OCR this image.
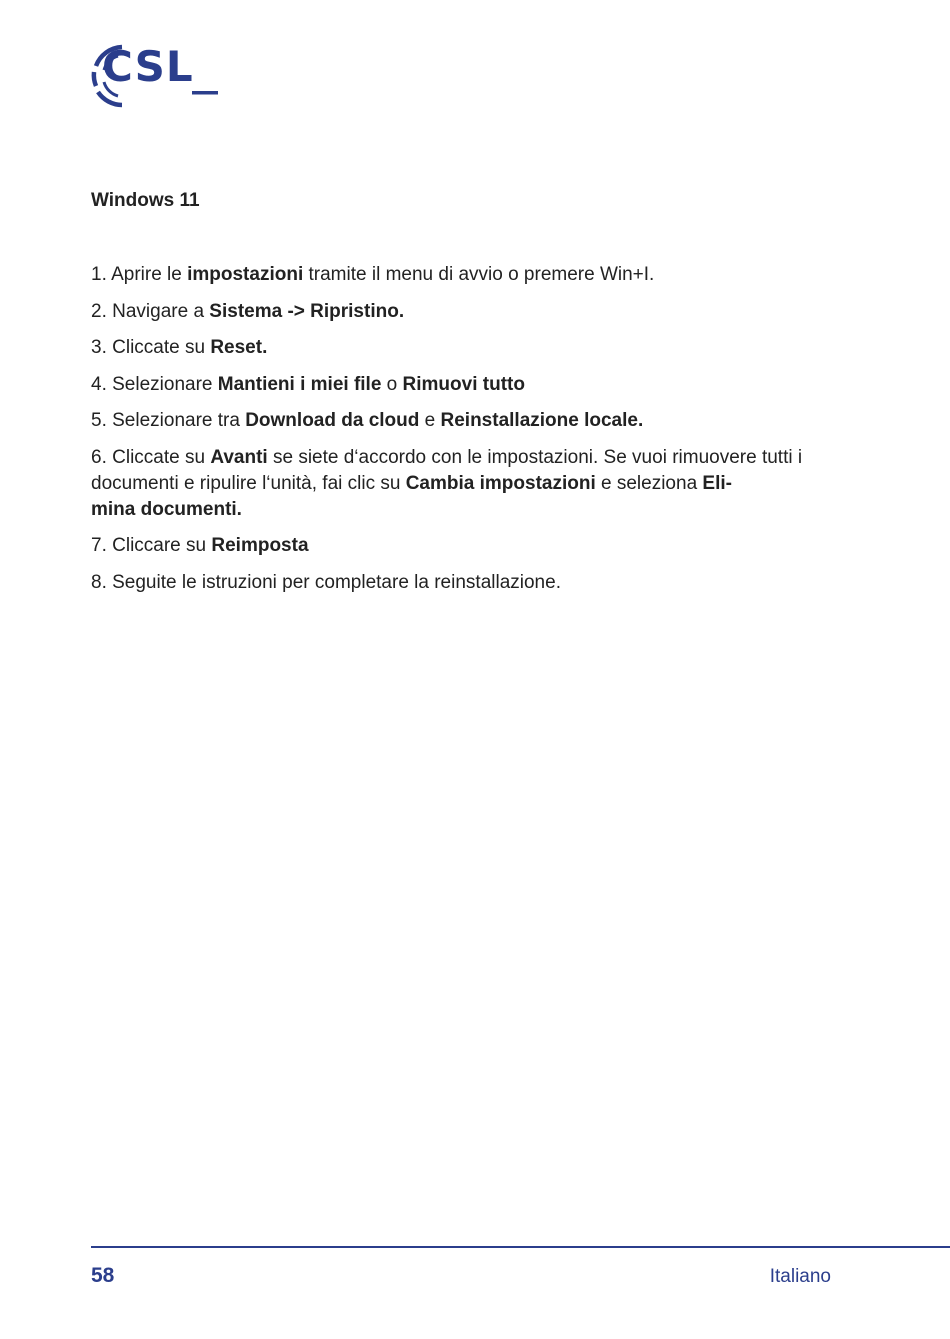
CSL
Windows 11
1. Aprire le impostazioni tramite il menu di avvio o premere Win+I.
2. Navigare a Sistema -> Ripristino.
3. Cliccate su Reset.
4. Selezionare Mantieni i miei file o Rimuovi tutto
5. Selezionare tra Download da cloud e Reinstallazione locale.
6. Cliccate su Avanti se siete d‘accordo con le impostazioni. Se vuoi rimuovere tutti i documenti e ripulire l‘unità, fai clic su Cambia impostazioni e seleziona Eli-
mina documenti.
7. Cliccare su Reimposta
8. Seguite le istruzioni per completare la reinstallazione.
58	Italiano
